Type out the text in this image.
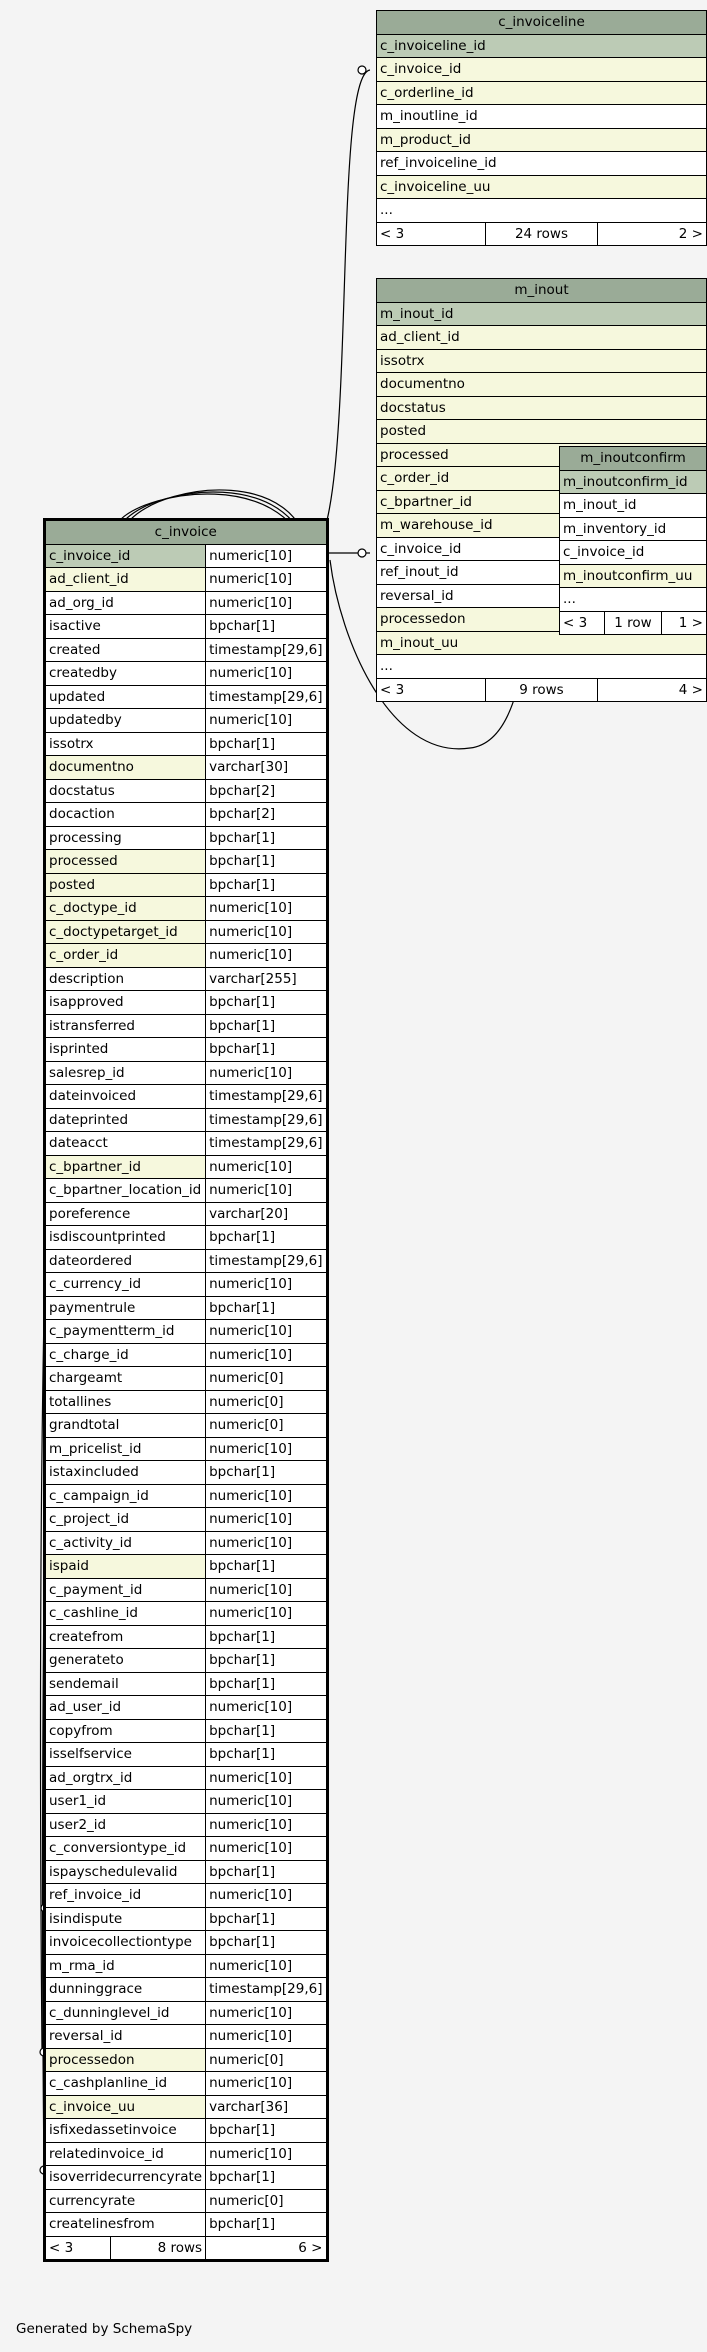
c_invoiceline
c_invoiceline_id
c_invoice_id
c_orderline_id
m_inoutline_id
m_product_id
ref_invoiceline_id
c_invoiceline_uu
...
< 3	24 rows	2 >
m_inout
m_inout_id
ad_client_id
issotrx
documentno
docstatus
posted
processed
c_order_id
c_bpartner_id
m_warehouse_id
c_invoice_id
ref_inout_id
reversal_id
processedon
m_inout_uu
...
< 3	9 rows	4 >
m_inoutconfirm
m_inoutconfirm_id
m_inout_id
m_inventory_id
c_invoice_id
m_inoutconfirm_uu
...
< 3	1 row	1 >
c_invoice		
c_invoice_id		numeric[10]
ad_client_id		numeric[10]
ad_org_id		numeric[10]
isactive		bpchar[1]
created		timestamp[29,6]
createdby		numeric[10]
updated		timestamp[29,6]
updatedby		numeric[10]
issotrx		bpchar[1]
documentno		varchar[30]
docstatus		bpchar[2]
docaction		bpchar[2]
processing		bpchar[1]
processed		bpchar[1]
posted		bpchar[1]
c_doctype_id		numeric[10]
c_doctypetarget_id		numeric[10]
c_order_id		numeric[10]
description		varchar[255]
isapproved		bpchar[1]
istransferred		bpchar[1]
isprinted		bpchar[1]
salesrep_id		numeric[10]
dateinvoiced		timestamp[29,6]
dateprinted		timestamp[29,6]
dateacct		timestamp[29,6]
c_bpartner_id		numeric[10]
c_bpartner_location_id		numeric[10]
poreference		varchar[20]
isdiscountprinted		bpchar[1]
dateordered		timestamp[29,6]
c_currency_id		numeric[10]
paymentrule		bpchar[1]
c_paymentterm_id		numeric[10]
c_charge_id		numeric[10]
chargeamt		numeric[0]
totallines		numeric[0]
grandtotal		numeric[0]
m_pricelist_id		numeric[10]
istaxincluded		bpchar[1]
c_campaign_id		numeric[10]
c_project_id		numeric[10]
c_activity_id		numeric[10]
ispaid		bpchar[1]
c_payment_id		numeric[10]
c_cashline_id		numeric[10]
createfrom		bpchar[1]
generateto		bpchar[1]
sendemail		bpchar[1]
ad_user_id		numeric[10]
copyfrom		bpchar[1]
isselfservice		bpchar[1]
ad_orgtrx_id		numeric[10]
user1_id		numeric[10]
user2_id		numeric[10]
c_conversiontype_id		numeric[10]
ispayschedulevalid		bpchar[1]
ref_invoice_id		numeric[10]
isindispute		bpchar[1]
invoicecollectiontype		bpchar[1]
m_rma_id		numeric[10]
dunninggrace		timestamp[29,6]
c_dunninglevel_id		numeric[10]
reversal_id		numeric[10]
processedon		numeric[0]
c_cashplanline_id		numeric[10]
c_invoice_uu		varchar[36]
isfixedassetinvoice		bpchar[1]
relatedinvoice_id		numeric[10]
isoverridecurrencyrate		bpchar[1]
currencyrate		numeric[0]
createlinesfrom		bpchar[1]
< 3	8 rows	6 >
Generated by SchemaSpy
